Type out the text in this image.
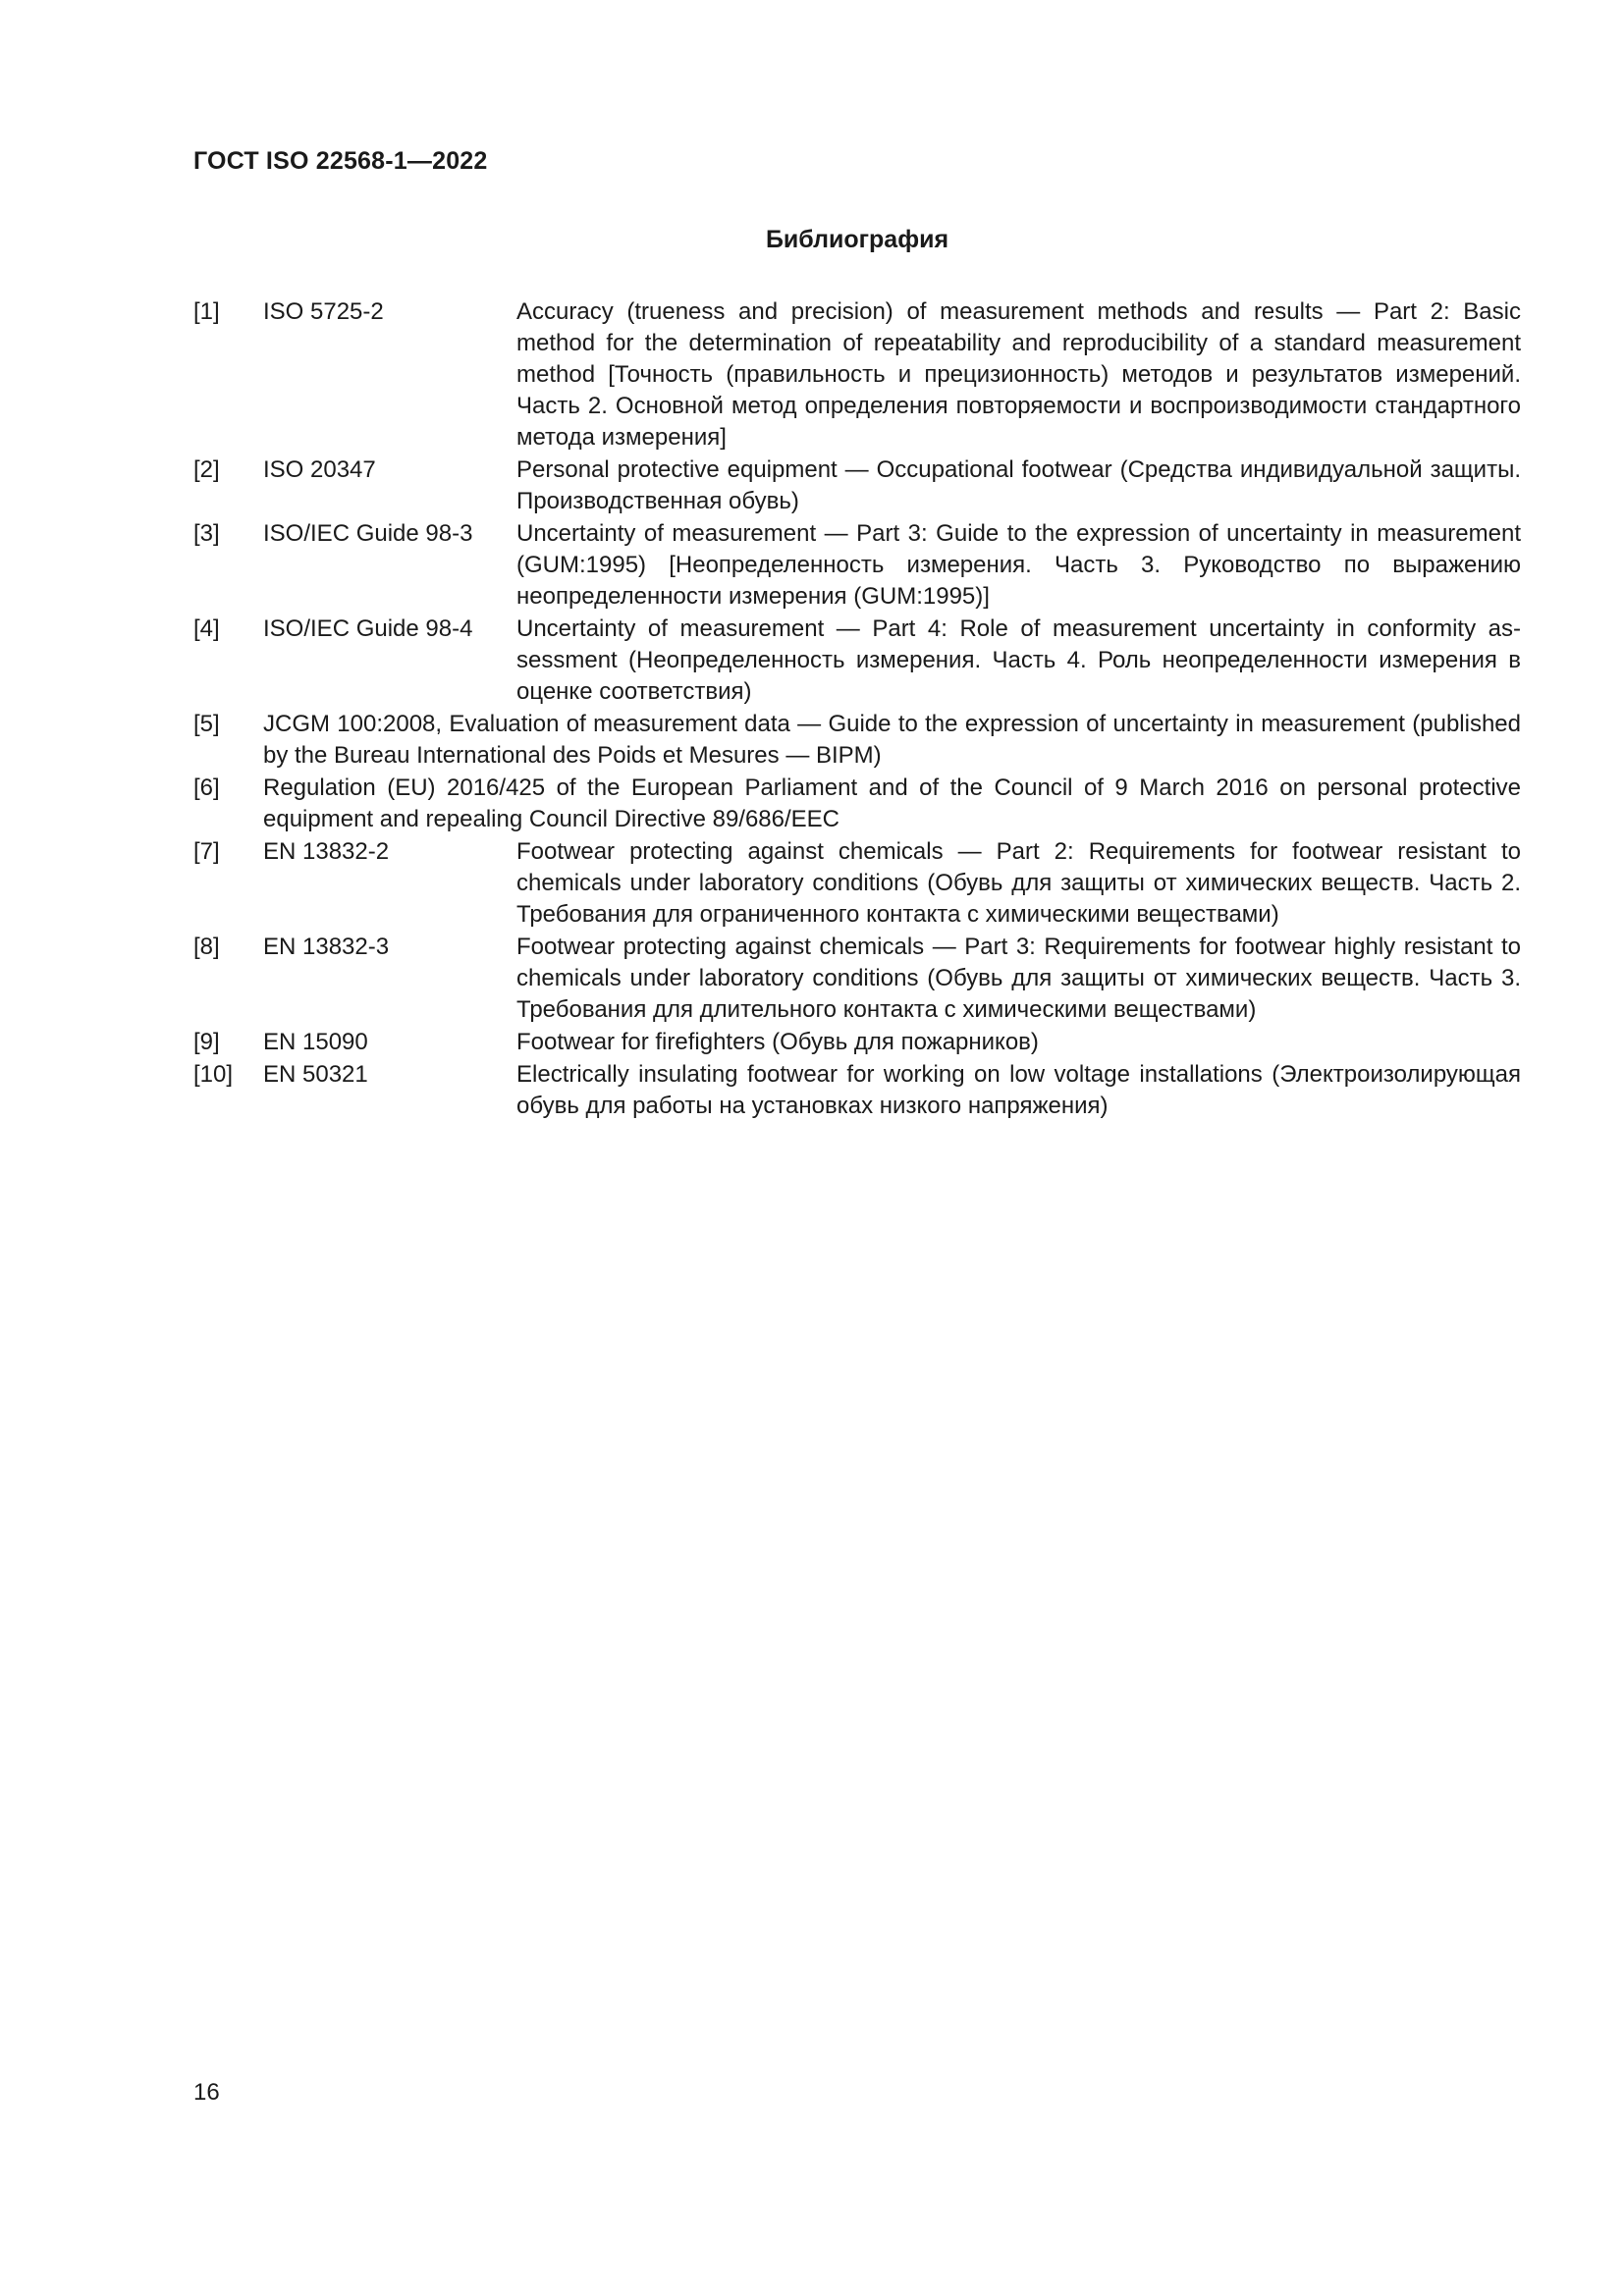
ГОСТ ISO 22568-1—2022
Библиография
[1]	ISO 5725-2	Accuracy (trueness and precision) of measurement methods and results — Part 2: Basic method for the determination of repeatability and reproducibility of a standard measurement method [Точность (правильность и прецизионность) методов и результатов измерений. Часть 2. Основной метод определения повторяемости и воспроизводимости стандартного метода измерения]
[2]	ISO 20347	Personal protective equipment — Occupational footwear (Средства индивидуальной защиты. Производственная обувь)
[3]	ISO/IEC Guide 98-3	Uncertainty of measurement — Part 3: Guide to the expression of uncertainty in measurement (GUM:1995) [Неопределенность измерения. Часть 3. Руководство по выражению неопределенности измерения (GUM:1995)]
[4]	ISO/IEC Guide 98-4	Uncertainty of measurement — Part 4: Role of measurement uncertainty in conformity assessment (Неопределенность измерения. Часть 4. Роль неопределенности измерения в оценке соответствия)
[5]	JCGM 100:2008, Evaluation of measurement data — Guide to the expression of uncertainty in measurement (published by the Bureau International des Poids et Mesures — BIPM)
[6]	Regulation (EU) 2016/425 of the European Parliament and of the Council of 9 March 2016 on personal protective equipment and repealing Council Directive 89/686/EEC
[7]	EN 13832-2	Footwear protecting against chemicals — Part 2: Requirements for footwear resistant to chemicals under laboratory conditions (Обувь для защиты от химических веществ. Часть 2. Требования для ограниченного контакта с химическими веществами)
[8]	EN 13832-3	Footwear protecting against chemicals — Part 3: Requirements for footwear highly resistant to chemicals under laboratory conditions (Обувь для защиты от химических веществ. Часть 3. Требования для длительного контакта с химическими веществами)
[9]	EN 15090	Footwear for firefighters (Обувь для пожарников)
[10]	EN 50321	Electrically insulating footwear for working on low voltage installations (Электроизолирующая обувь для работы на установках низкого напряжения)
16
